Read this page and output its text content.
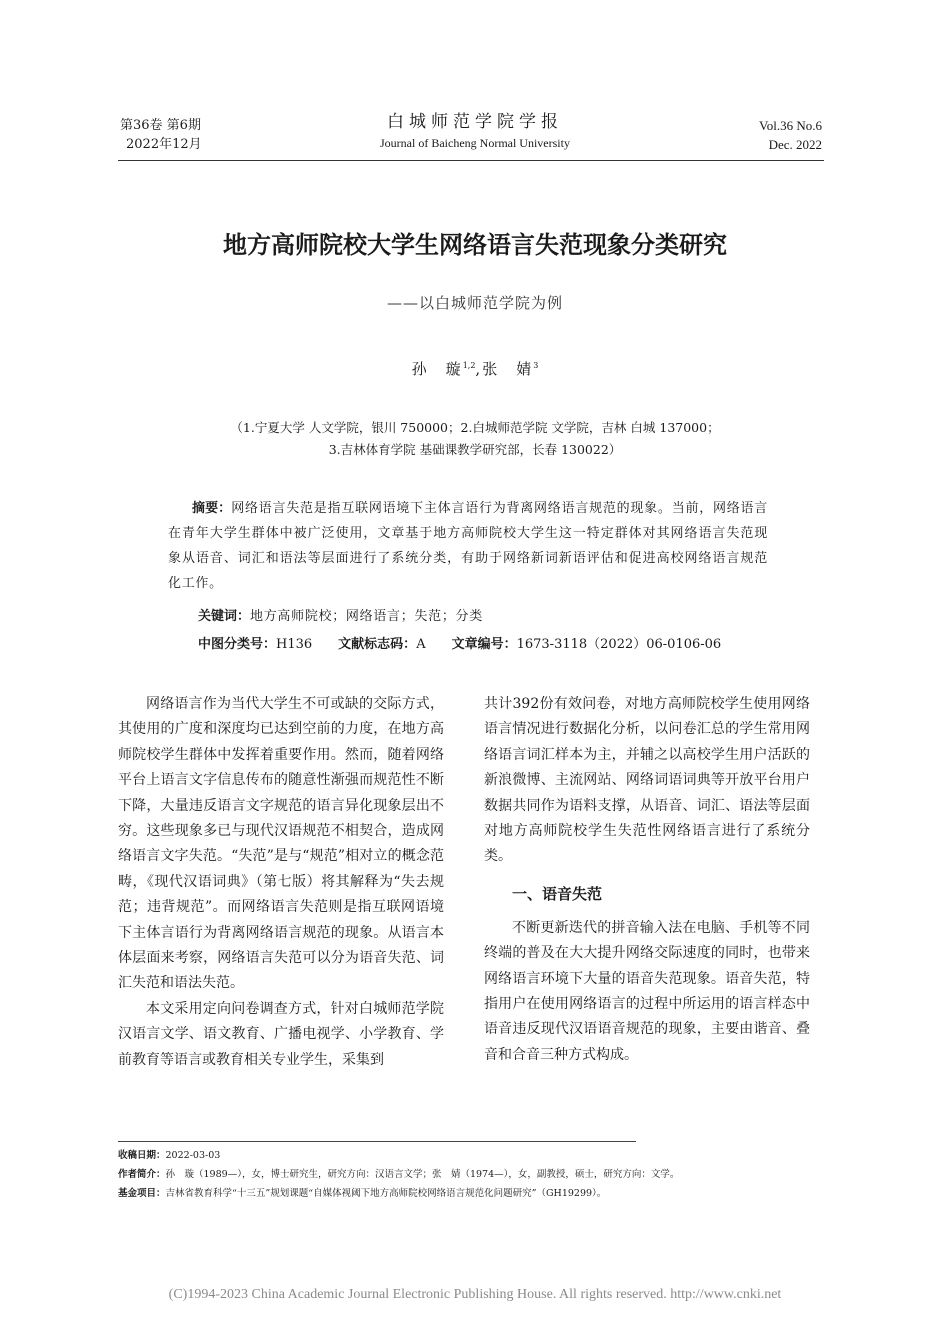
第36卷 第6期
2022年12月
白城师范学院学报
Journal of Baicheng Normal University
Vol.36 No.6
Dec. 2022
地方高师院校大学生网络语言失范现象分类研究
——以白城师范学院为例
孙　璇$^{1,2}$,张　婧$^3$
（1.宁夏大学 人文学院，银川 750000；2.白城师范学院 文学院，吉林 白城 137000；
3.吉林体育学院 基础课教学研究部，长春 130022）
摘要：网络语言失范是指互联网语境下主体言语行为背离网络语言规范的现象。当前，网络语言在青年大学生群体中被广泛使用，文章基于地方高师院校大学生这一特定群体对其网络语言失范现象从语音、词汇和语法等层面进行了系统分类，有助于网络新词新语评估和促进高校网络语言规范化工作。
关键词：地方高师院校；网络语言；失范；分类
中图分类号：H136 文献标志码：A 文章编号：1673-3118（2022）06-0106-06

网络语言作为当代大学生不可或缺的交际方式，其使用的广度和深度均已达到空前的力度，在地方高师院校学生群体中发挥着重要作用。然而，随着网络平台上语言文字信息传布的随意性渐强而规范性不断下降，大量违反语言文字规范的语言异化现象层出不穷。这些现象多已与现代汉语规范不相契合，造成网络语言文字失范。“失范”是与“规范”相对立的概念范畴，《现代汉语词典》（第七版）将其解释为“失去规范；违背规范”。而网络语言失范则是指互联网语境下主体言语行为背离网络语言规范的现象。从语言本体层面来考察，网络语言失范可以分为语音失范、词汇失范和语法失范。

本文采用定向问卷调查方式，针对白城师范学院汉语言文学、语文教育、广播电视学、小学教育、学前教育等语言或教育相关专业学生，采集到

共计392份有效问卷，对地方高师院校学生使用网络语言情况进行数据化分析，以问卷汇总的学生常用网络语言词汇样本为主，并辅之以高校学生用户活跃的新浪微博、主流网站、网络词语词典等开放平台用户数据共同作为语料支撑，从语音、词汇、语法等层面对地方高师院校学生失范性网络语言进行了系统分类。

一、语音失范

不断更新迭代的拼音输入法在电脑、手机等不同终端的普及在大大提升网络交际速度的同时，也带来网络语言环境下大量的语音失范现象。语音失范，特指用户在使用网络语言的过程中所运用的语言样态中语音违反现代汉语语音规范的现象，主要由谐音、叠音和合音三种方式构成。

收稿日期：2022-03-03
作者简介：孙　璇（1989—），女，博士研究生，研究方向：汉语言文学；张　婧（1974—），女，副教授，硕士，研究方向：文学。
基金项目：吉林省教育科学“十三五”规划课题“自媒体视阈下地方高师院校网络语言规范化问题研究”（GH19299）。
(C)1994-2023 China Academic Journal Electronic Publishing House. All rights reserved. http://www.cnki.net
